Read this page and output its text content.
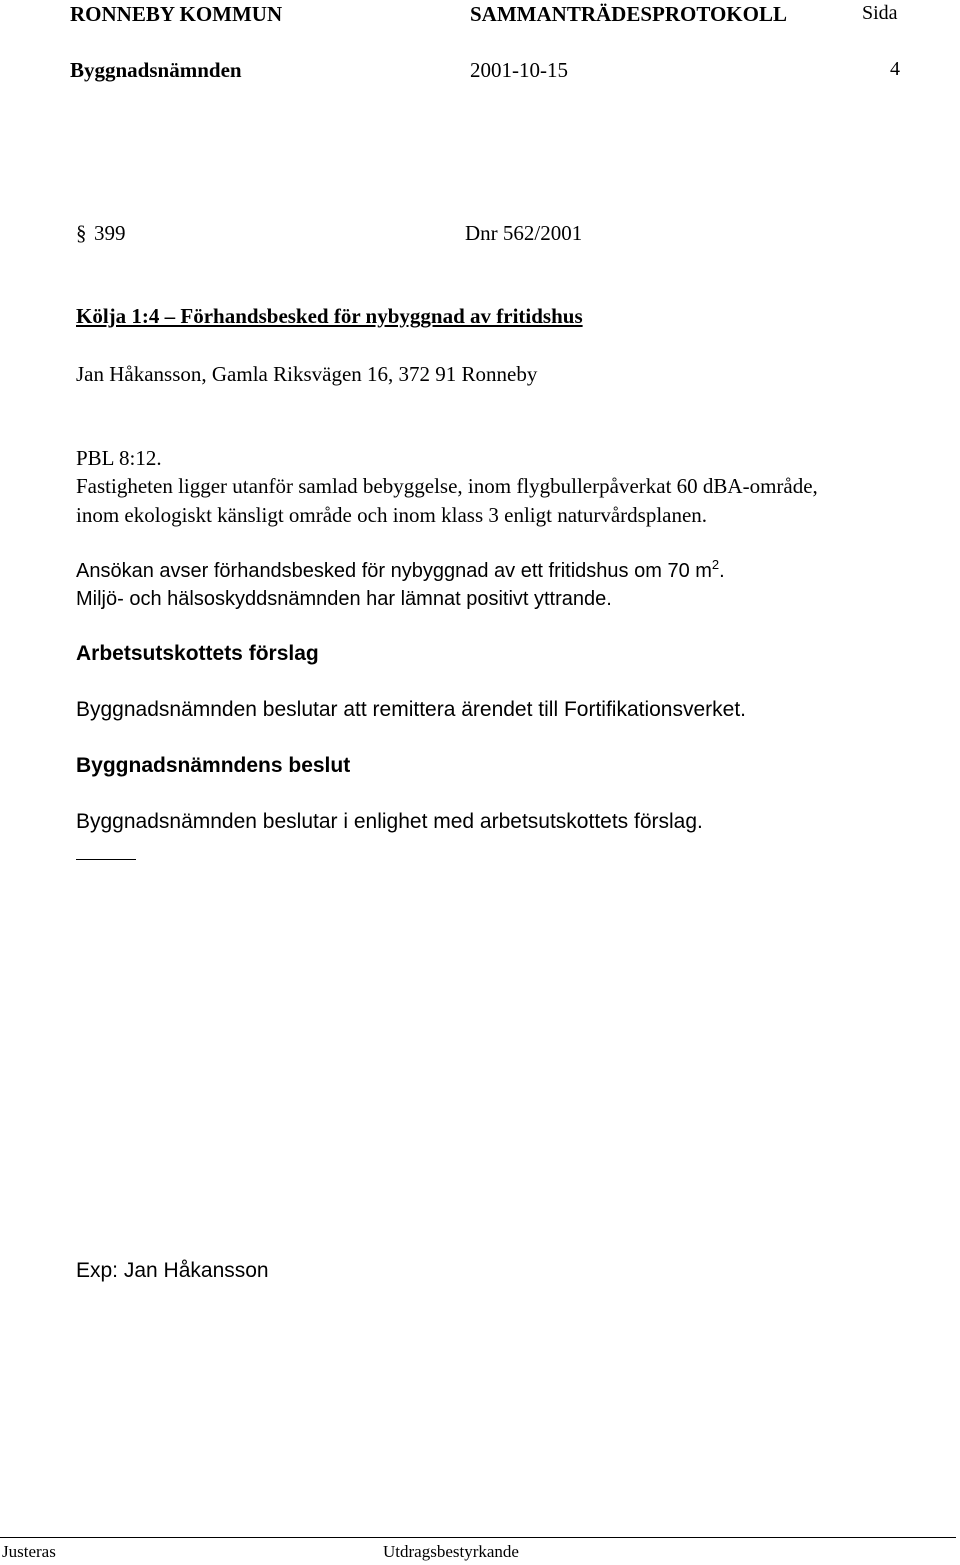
RONNEBY KOMMUN	SAMMANTRÄDESPROTOKOLL	Sida
Byggnadsnämnden	2001-10-15	4
§ 399	Dnr 562/2001
Kölja 1:4 – Förhandsbesked för nybyggnad av fritidshus
Jan Håkansson, Gamla Riksvägen 16, 372 91 Ronneby
PBL 8:12.
Fastigheten ligger utanför samlad bebyggelse, inom flygbullerpåverkat 60 dBA-område,
inom ekologiskt känsligt område och inom klass 3 enligt naturvårdsplanen.
Ansökan avser förhandsbesked för nybyggnad av ett fritidshus om 70 $m^2$.
Miljö- och hälsoskyddsnämnden har lämnat positivt yttrande.
Arbetsutskottets förslag
Byggnadsnämnden beslutar att remittera ärendet till Fortifikationsverket.
Byggnadsnämndens beslut
Byggnadsnämnden beslutar i enlighet med arbetsutskottets förslag.
Exp: Jan Håkansson
Justeras	Utdragsbestyrkande
